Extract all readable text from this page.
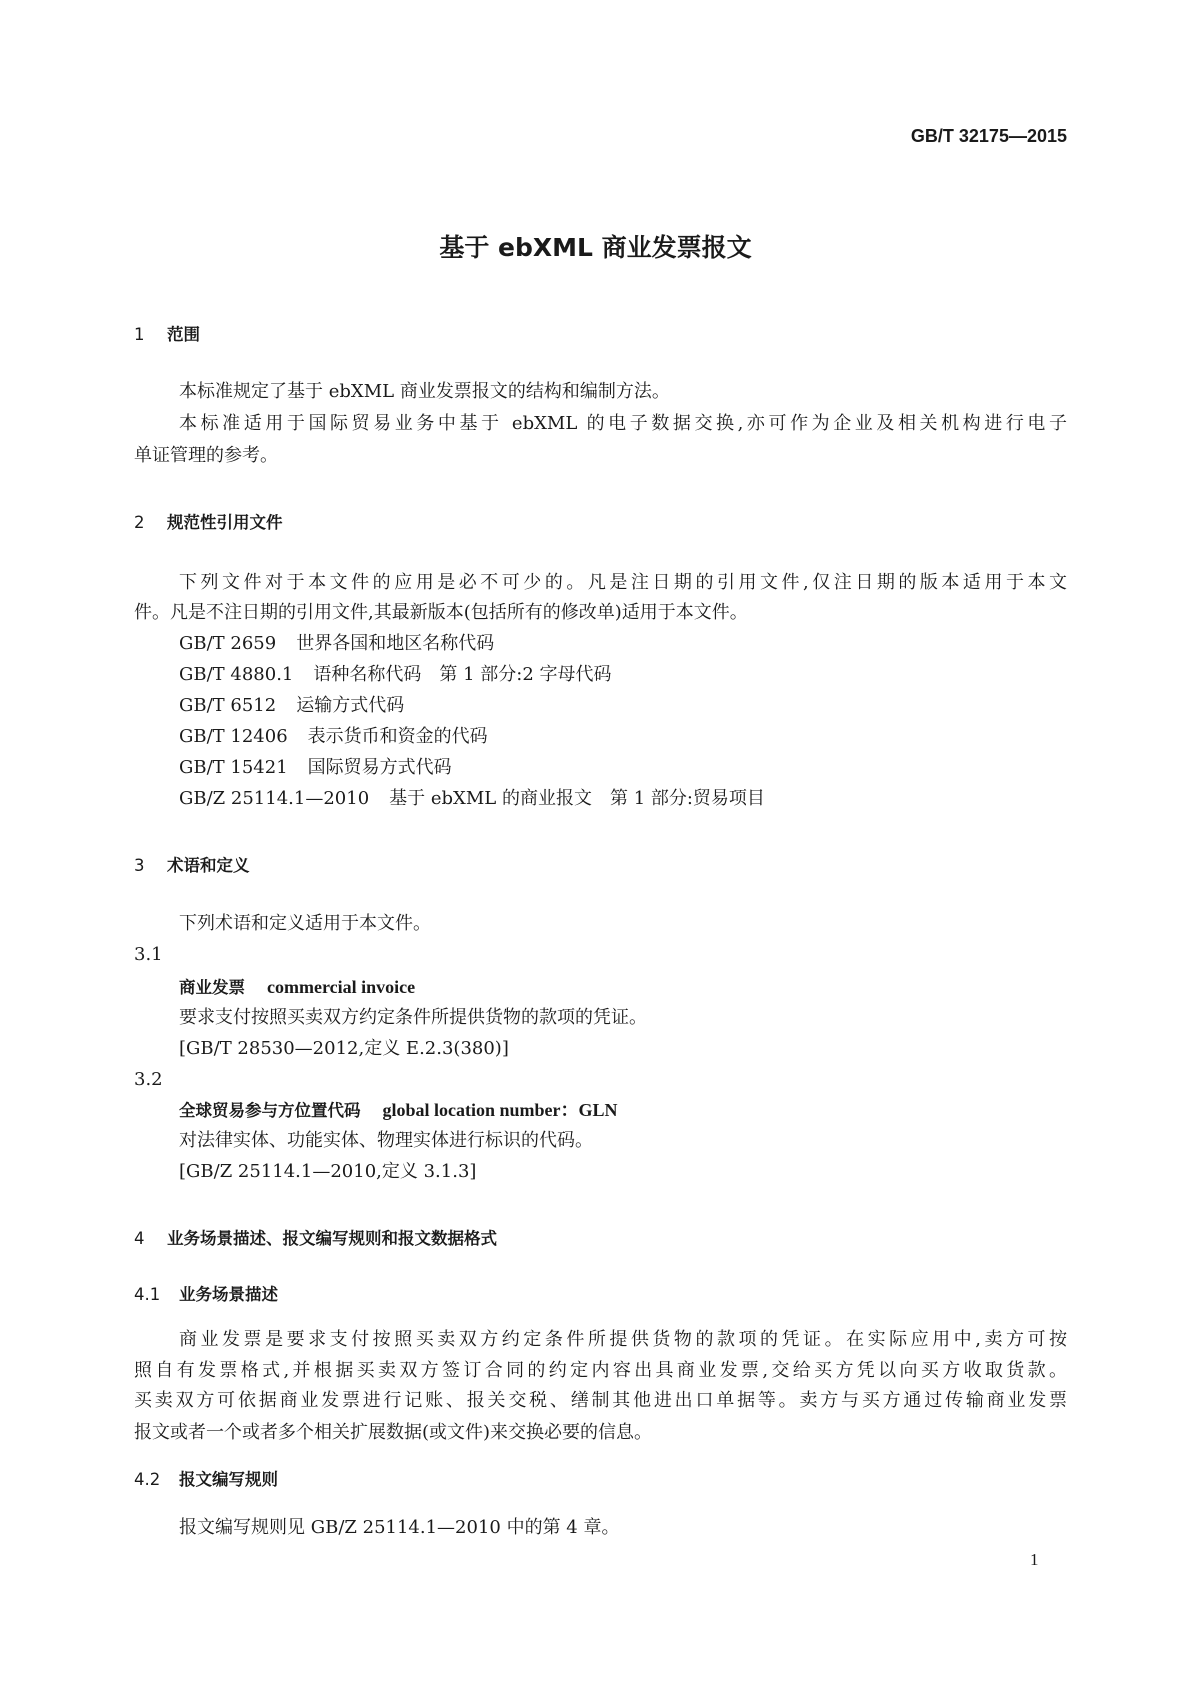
GB/T 32175—2015
基于 ebXML 商业发票报文
1 范围
本标准规定了基于 ebXML 商业发票报文的结构和编制方法。
本标准适用于国际贸易业务中基于 ebXML 的电子数据交换,亦可作为企业及相关机构进行电子
单证管理的参考。
2 规范性引用文件
下列文件对于本文件的应用是必不可少的。凡是注日期的引用文件,仅注日期的版本适用于本文
件。凡是不注日期的引用文件,其最新版本(包括所有的修改单)适用于本文件。
GB/T 2659 世界各国和地区名称代码
GB/T 4880.1 语种名称代码　第 1 部分:2 字母代码
GB/T 6512 运输方式代码
GB/T 12406 表示货币和资金的代码
GB/T 15421 国际贸易方式代码
GB/Z 25114.1—2010 基于 ebXML 的商业报文　第 1 部分:贸易项目
3 术语和定义
下列术语和定义适用于本文件。
3.1
商业发票 commercial invoice
要求支付按照买卖双方约定条件所提供货物的款项的凭证。
[GB/T 28530—2012,定义 E.2.3(380)]
3.2
全球贸易参与方位置代码 global location number：GLN
对法律实体、功能实体、物理实体进行标识的代码。
[GB/Z 25114.1—2010,定义 3.1.3]
4 业务场景描述、报文编写规则和报文数据格式
4.1 业务场景描述
商业发票是要求支付按照买卖双方约定条件所提供货物的款项的凭证。在实际应用中,卖方可按
照自有发票格式,并根据买卖双方签订合同的约定内容出具商业发票,交给买方凭以向买方收取货款。
买卖双方可依据商业发票进行记账、报关交税、缮制其他进出口单据等。卖方与买方通过传输商业发票
报文或者一个或者多个相关扩展数据(或文件)来交换必要的信息。
4.2 报文编写规则
报文编写规则见 GB/Z 25114.1—2010 中的第 4 章。
1
